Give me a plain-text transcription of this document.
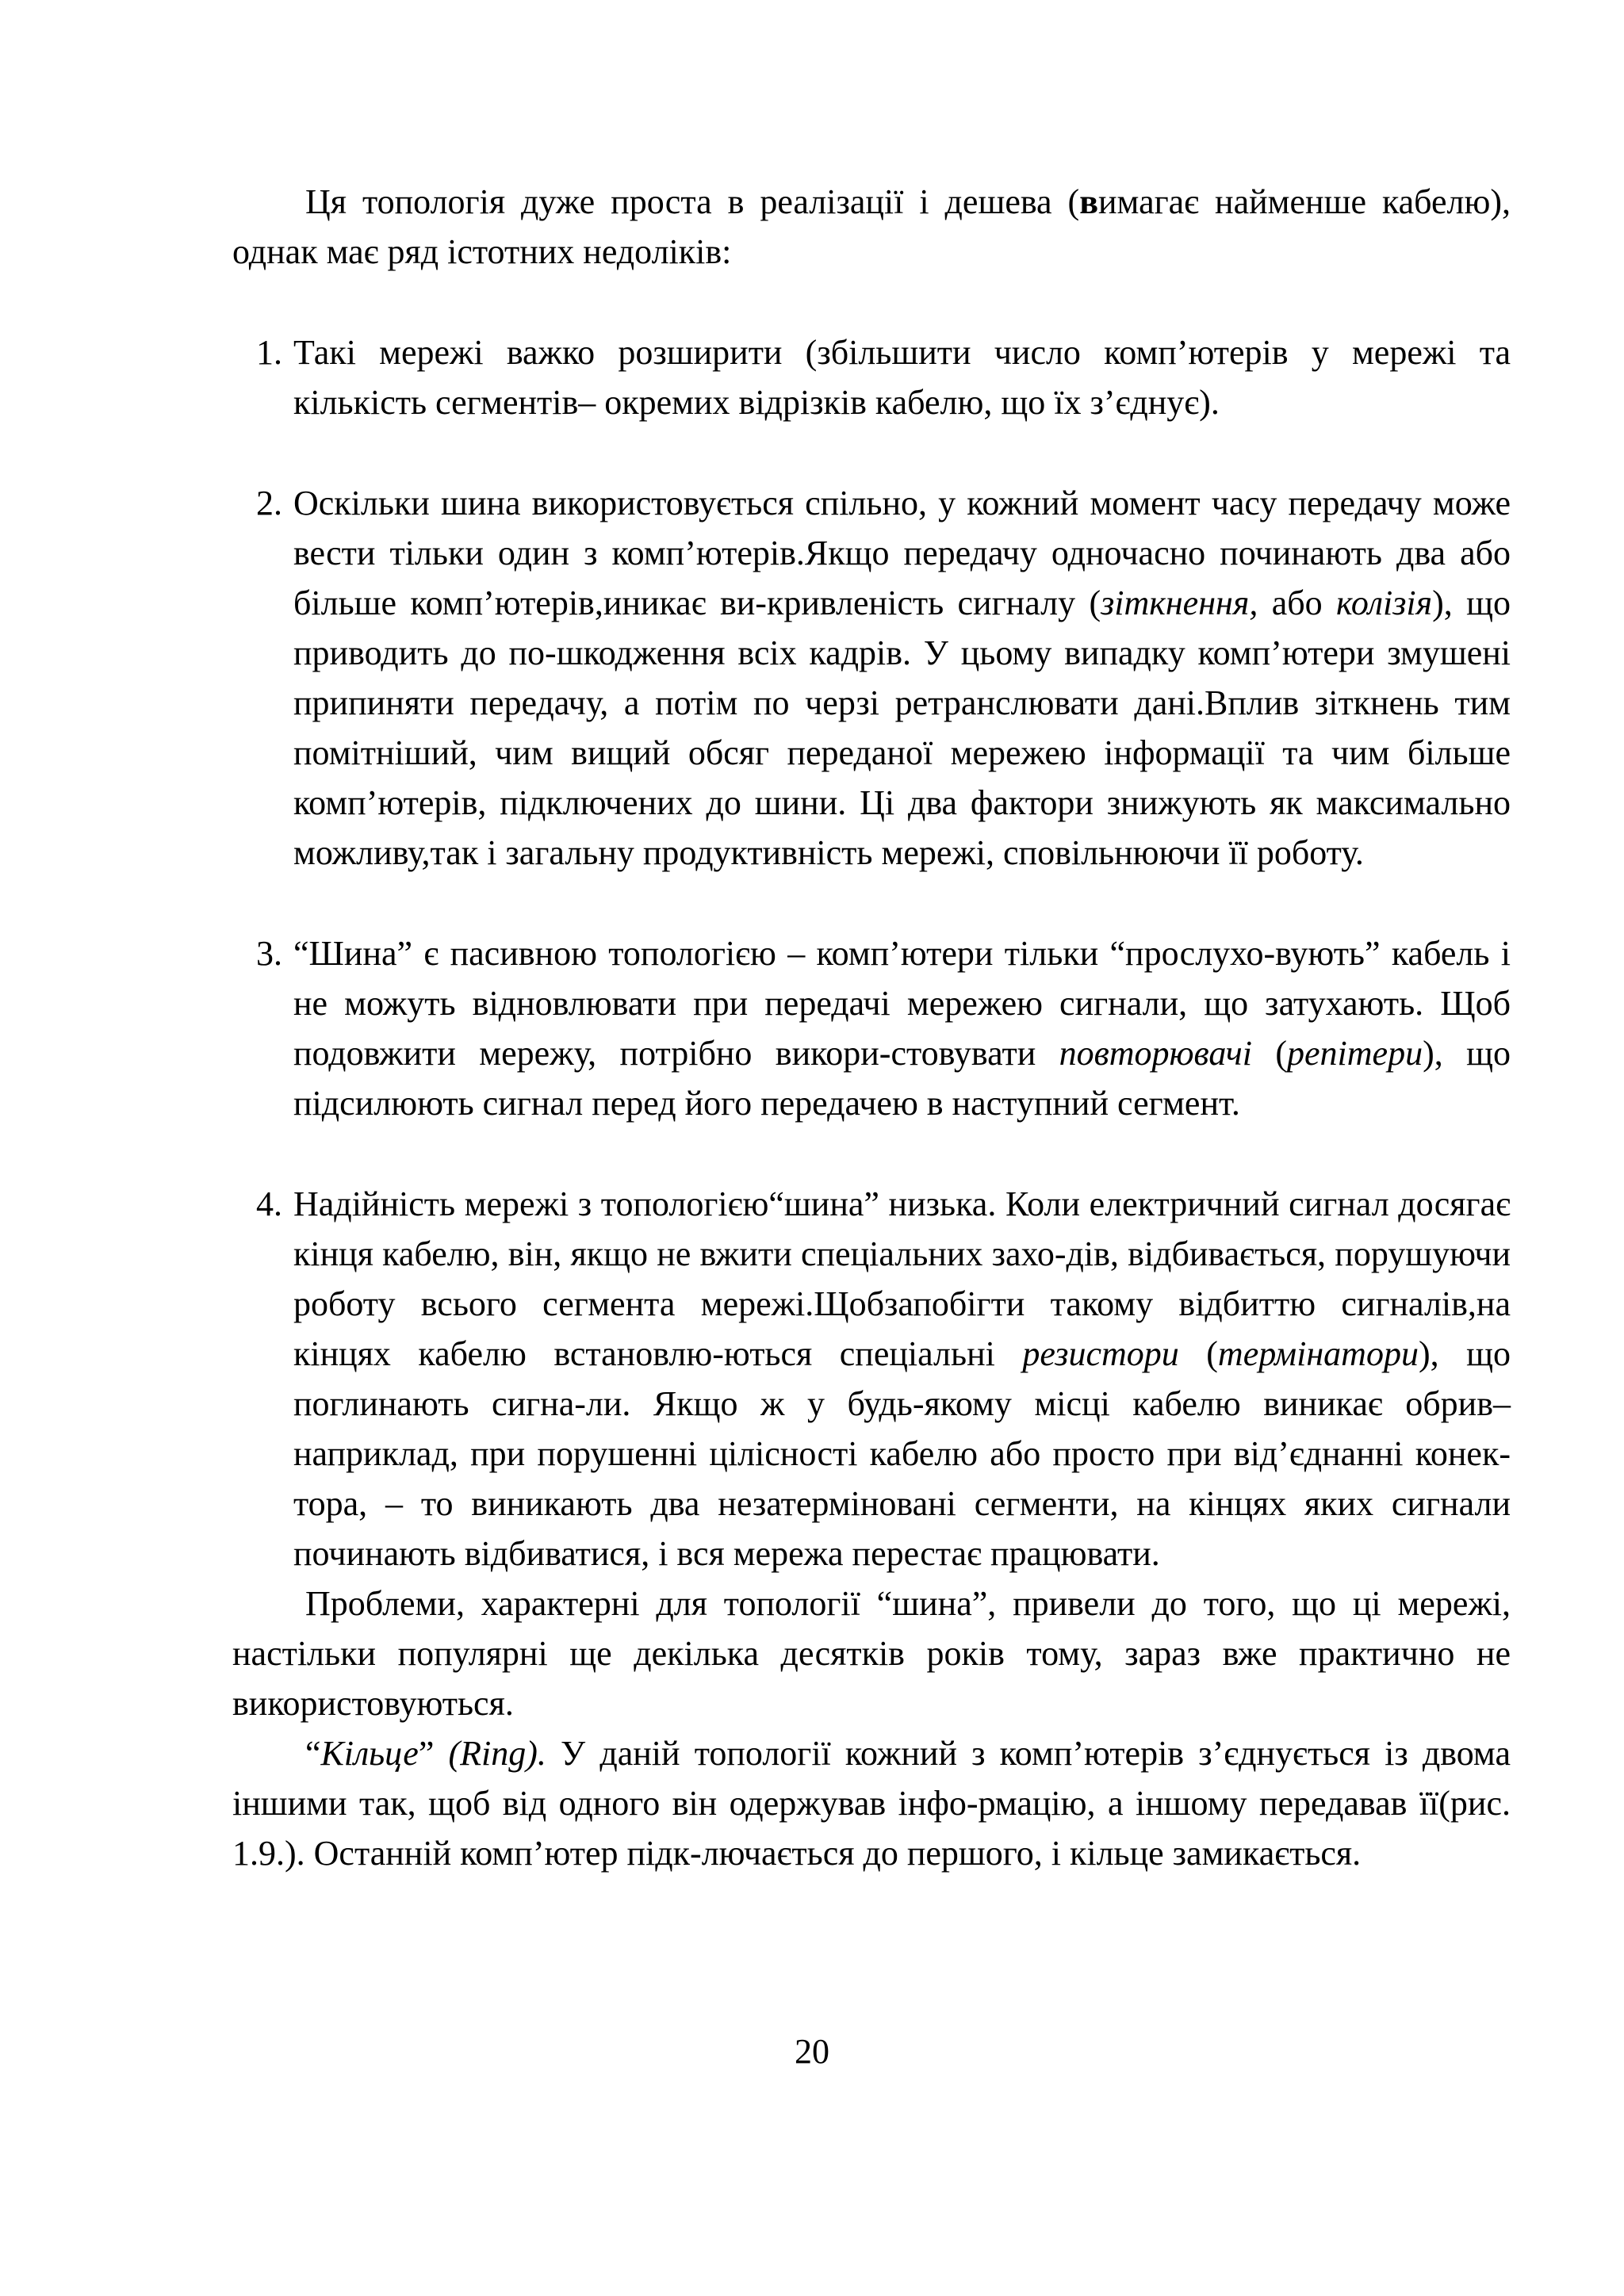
Ця топологія дуже проста в реалізації і дешева (вимагає найменше кабелю), однак має ряд істотних недоліків:

1. Такі мережі важко розширити (збільшити число комп’ютерів у мережі та кількість сегментів– окремих відрізків кабелю, що їх з’єднує).
2. Оскільки шина використовується спільно, у кожний момент часу передачу може вести тільки один з комп’ютерів.Якщо передачу одночасно починають два або більше комп’ютерів,иникає ви-кривленість сигналу (зіткнення, або колізія), що приводить до по-шкодження всіх кадрів. У цьому випадку комп’ютери змушені припиняти передачу, а потім по черзі ретранслювати дані.Вплив зіткнень тим помітніший, чим вищий обсяг переданої мережею інформації та чим більше комп’ютерів, підключених до шини. Ці два фактори знижують як максимально можливу,так і загальну продуктивність мережі, сповільнюючи її роботу.
3. “Шина” є пасивною топологією – комп’ютери тільки “прослухо-вують” кабель і не можуть відновлювати при передачі мережею сигнали, що затухають. Щоб подовжити мережу, потрібно викори-стовувати повторювачі (репітери), що підсилюють сигнал перед його передачею в наступний сегмент.
4. Надійність мережі з топологією“шина” низька. Коли електричний сигнал досягає кінця кабелю, він, якщо не вжити спеціальних захо-дів, відбивається, порушуючи роботу всього сегмента мережі.Щобзапобігти такому відбиттю сигналів,на кінцях кабелю встановлю-ються спеціальні резистори (термінатори), що поглинають сигна-ли. Якщо ж у будь-якому місці кабелю виникає обрив– наприклад, при порушенні цілісності кабелю або просто при від’єднанні конек-тора, – то виникають два незатерміновані сегменти, на кінцях яких сигнали починають відбиватися, і вся мережа перестає працювати.

Проблеми, характерні для топології “шина”, привели до того, що ці мережі, настільки популярні ще декілька десятків років тому, зараз вже практично не використовуються.

“Кільце” (Ring). У даній топології кожний з комп’ютерів з’єднується із двома іншими так, щоб від одного він одержував інфо-рмацію, а іншому передавав її(рис. 1.9.). Останній комп’ютер підк-лючається до першого, і кільце замикається.

20
